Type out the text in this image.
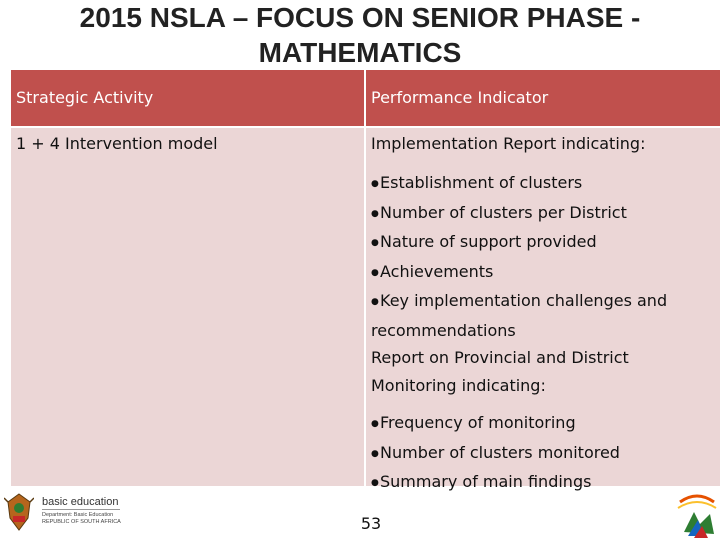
2015 NSLA – FOCUS ON SENIOR PHASE -
MATHEMATICS
Strategic Activity	Performance Indicator
1 + 4 Intervention model	Implementation Report indicating:
●Establishment of clusters
●Number of clusters per District
●Nature of support provided
●Achievements
●Key implementation challenges and
recommendations
Report on Provincial and District
Monitoring indicating:
●Frequency of monitoring
●Number of clusters monitored
●Summary of main findings
basic education
Department: Basic Education REPUBLIC OF SOUTH AFRICA	53
